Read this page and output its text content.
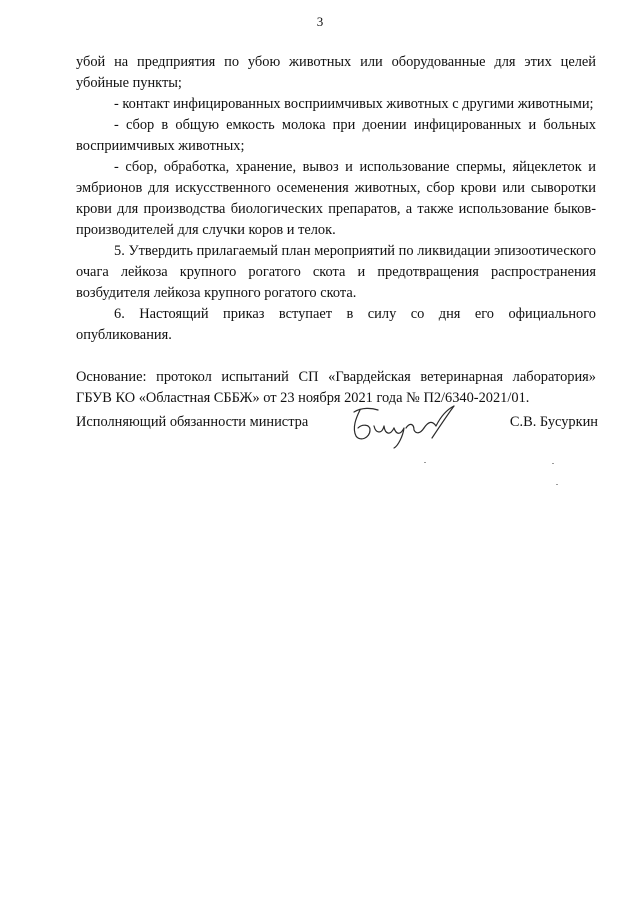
3

убой на предприятия по убою животных или оборудованные для этих целей убойные пункты;

- контакт инфицированных восприимчивых животных с другими животными;

- сбор в общую емкость молока при доении инфицированных и больных восприимчивых животных;

- сбор, обработка, хранение, вывоз и использование спермы, яйцеклеток и эмбрионов для искусственного осеменения животных, сбор крови или сыворотки крови для производства биологических препаратов, а также использование быков-производителей для случки коров и телок.

5. Утвердить прилагаемый план мероприятий по ликвидации эпизоотического очага лейкоза крупного рогатого скота и предотвращения распространения возбудителя лейкоза крупного рогатого скота.

6. Настоящий приказ вступает в силу со дня его официального опубликования.

Основание: протокол испытаний СП «Гвардейская ветеринарная лаборатория» ГБУВ КО «Областная СББЖ» от 23 ноября 2021 года № П2/6340-2021/01.

Исполняющий обязанности министра	С.В. Бусуркин
